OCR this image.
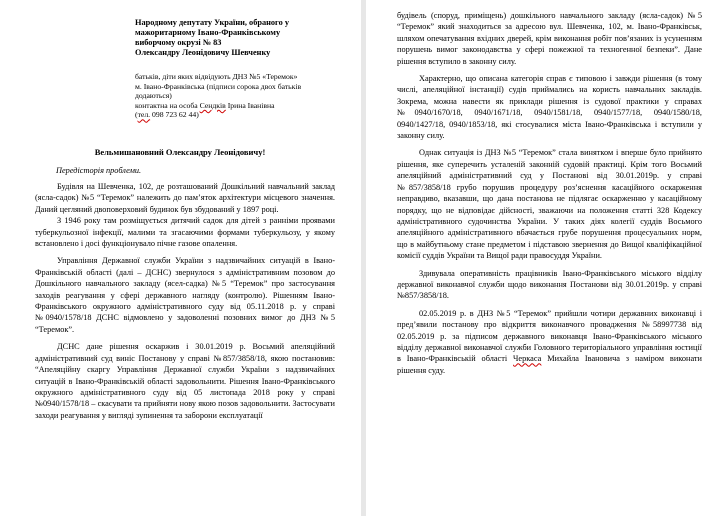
Народному депутату України, обраного у

мажоритарному Івано-Франківському

виборчому окрузі № 83

Олександру Леонідовичу Шевченку

батьків, діти яких відвідують ДНЗ №5 «Теремок»

м. Івано-Франківська (підписи сорока двох батьків

додаються)

контактна на особа Сендків Ірина Іванівна

(тел. 098 723 62 44)

Вельмишановний Олександру Леонідовичу!
Передісторія проблеми.

Будівля на Шевченка, 102, де розташований Дошкільний навчальний заклад (ясла-садок) №5 “Теремок” належить до пам’яток архітектури місцевого значення. Даний цегляний двоповерховий будинок був збудований у 1897 році.

З 1946 року там розміщується дитячий садок для дітей з ранніми проявами туберкульозної інфекції, малими та згасаючими формами туберкульозу, у якому встановлено і досі функціонувало пічне газове опалення.

Управління Державної служби України з надзвичайних ситуацій в Івано-Франківській області (далі – ДСНС) звернулося з адміністративним позовом до Дошкільного навчального закладу (ясел-садка) №5 “Теремок” про застосування заходів реагування у сфері державного нагляду (контролю). Рішенням Івано-Франківського окружного адміністративного суду від 05.11.2018 р. у справі №0940/1578/18 ДСНС відмовлено у задоволенні позовних вимог до ДНЗ №5 “Теремок”.

ДСНС дане рішення оскаржив і 30.01.2019 р. Восьмий апеляційний адміністративний суд виніс Постанову у справі №857/3858/18, якою постановив: “Апеляційну скаргу Управління Державної служби України з надзвичайних ситуацій в Івано-Франківській області задовольнити. Рішення Івано-Франківського окружного адміністративного суду від 05 листопада 2018 року у справі №0940/1578/18 – скасувати та прийняти нову якою позов задовольнити. Застосувати заходи реагування у вигляді зупинення та заборони експлуатації

будівель (споруд, приміщень) дошкільного навчального закладу (ясла-садок) №5 “Теремок” який знаходиться за адресою вул. Шевченка, 102, м. Івано-Франківськ, шляхом опечатування вхідних дверей, крім виконання робіт пов’язаних із усуненням порушень вимог законодавства у сфері пожежної та техногенної безпеки”. Дане рішення вступило в законну силу.

Характерно, що описана категорія справ є типовою і завжди рішення (в тому числі, апеляційної інстанції) судів приймались на користь навчальних закладів. Зокрема, можна навести як приклади рішення із судової практики у справах №0940/1670/18, 0940/1671/18, 0940/1581/18, 0940/1577/18, 0940/1580/18, 0940/1427/18, 0940/1853/18, які стосувалися міста Івано-Франківська і вступили у законну силу.

Однак ситуація із ДНЗ №5 “Теремок” стала винятком і вперше було прийнято рішення, яке суперечить усталеній законній судовій практиці. Крім того Восьмий апеляційний адміністративний суд у Постанові від 30.01.2019р. у справі №857/3858/18 грубо порушив процедуру роз’яснення касаційного оскарження неправдиво, вказавши, що дана постанова не підлягає оскарженню у касаційному порядку, що не відповідає дійсності, зважаючи на положення статті 328 Кодексу адміністративного судочинства України. У таких діях колегії суддів Восьмого апеляційного адміністративного вбачається грубе порушення процесуальних норм, що в майбутньому стане предметом і підставою звернення до Вищої кваліфікаційної комісії суддів України та Вищої ради правосуддя України.

Здивувала оперативність працівників Івано-Франківського міського відділу державної виконавчої служби щодо виконання Постанови від 30.01.2019р. у справі №857/3858/18.

02.05.2019 р. в ДНЗ №5 “Теремок” прийшли чотири державних виконавці і пред’явили постанову про відкриття виконавчого провадження №58997738 від 02.05.2019 р. за підписом державного виконавця Івано-Франківського міського відділу державної виконавчої служби Головного територіального управління юстиції в Івано-Франківській області Черкаса Михайла Івановича з наміром виконати рішення суду.
